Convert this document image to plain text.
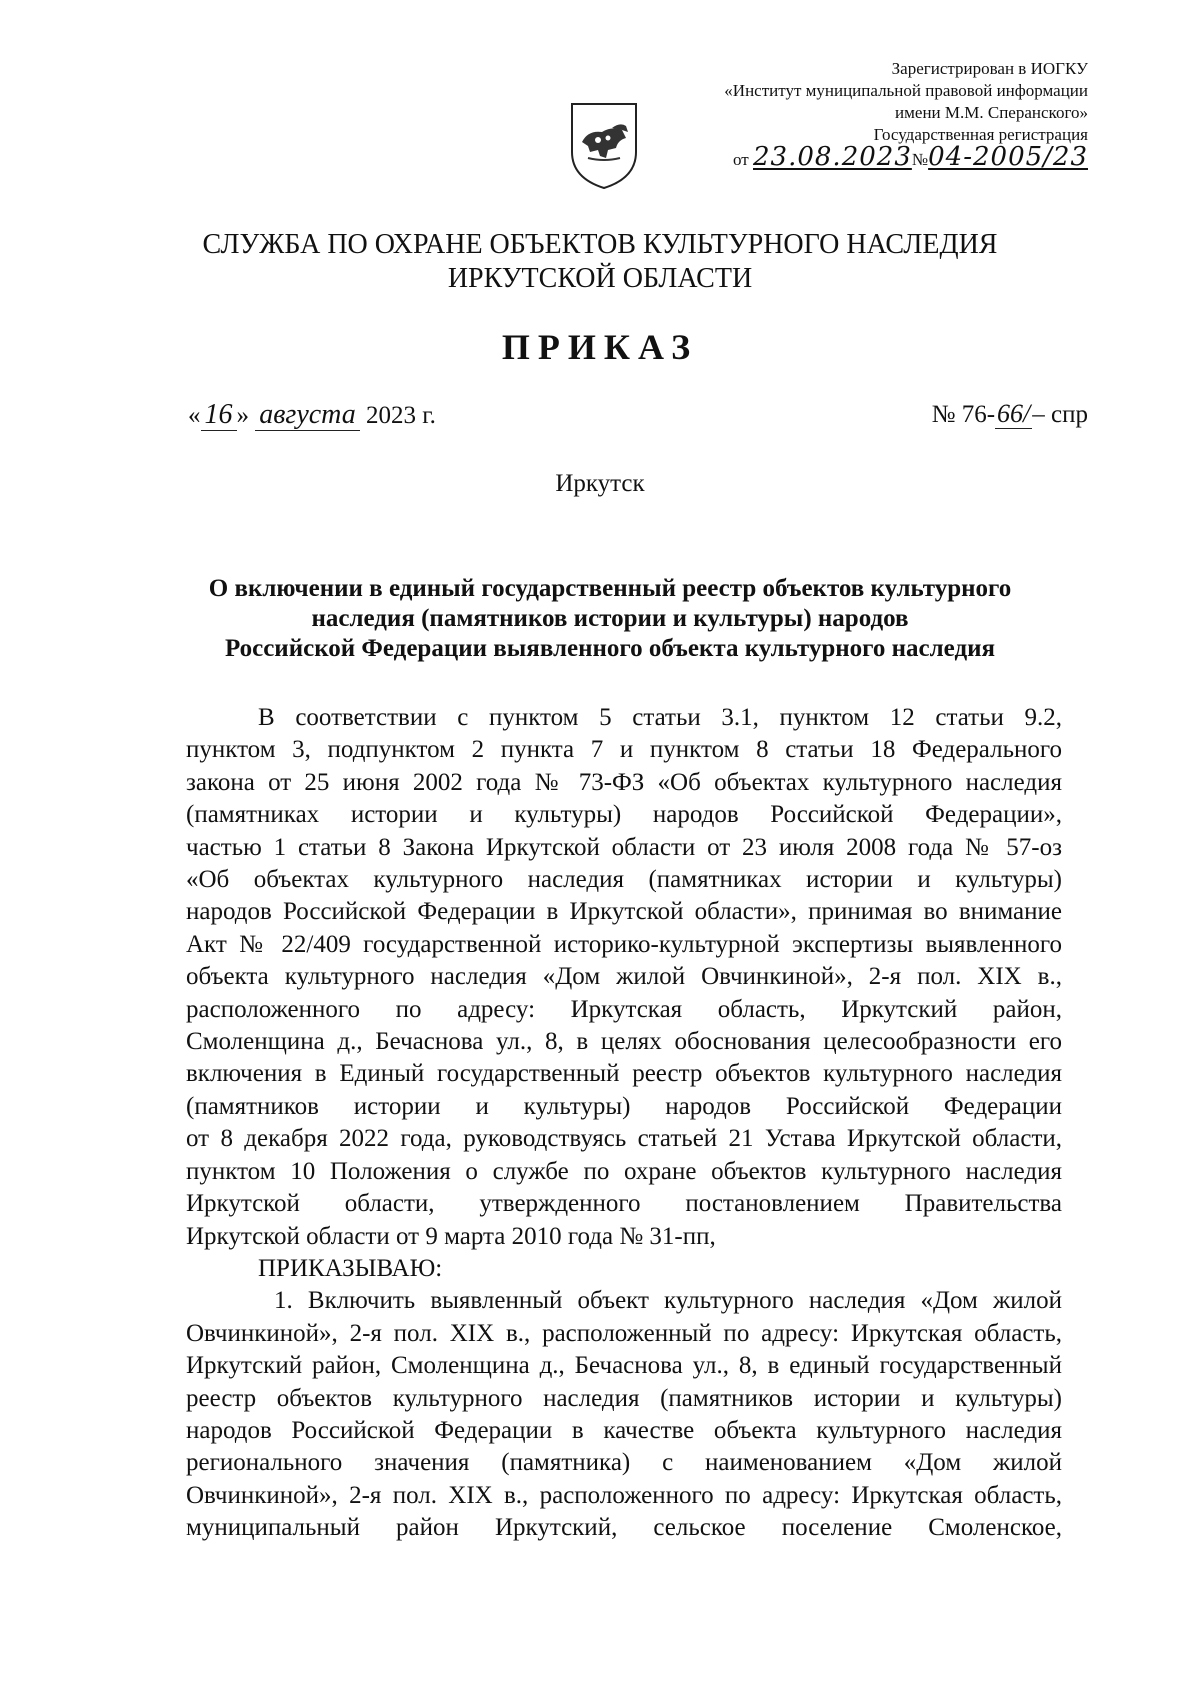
Зарегистрирован в ИОГКУ
«Институт муниципальной правовой информации
имени М.М. Сперанского»
Государственная регистрация
от 23.08.2023№04-2005/23
СЛУЖБА ПО ОХРАНЕ ОБЪЕКТОВ КУЛЬТУРНОГО НАСЛЕДИЯ
ИРКУТСКОЙ ОБЛАСТИ
ПРИКАЗ
« 16 » августа 2023 г.	№ 76-66/– спр
Иркутск
О включении в единый государственный реестр объектов культурного
наследия (памятников истории и культуры) народов
Российской Федерации выявленного объекта культурного наследия
В соответствии с пунктом 5 статьи 3.1, пунктом 12 статьи 9.2,
пунктом 3, подпунктом 2 пункта 7 и пунктом 8 статьи 18 Федерального
закона от 25 июня 2002 года № 73-ФЗ «Об объектах культурного наследия
(памятниках истории и культуры) народов Российской Федерации»,
частью 1 статьи 8 Закона Иркутской области от 23 июля 2008 года № 57-оз
«Об объектах культурного наследия (памятниках истории и культуры)
народов Российской Федерации в Иркутской области», принимая во внимание
Акт № 22/409 государственной историко-культурной экспертизы выявленного
объекта культурного наследия «Дом жилой Овчинкиной», 2-я пол. XIX в.,
расположенного по адресу: Иркутская область, Иркутский район,
Смоленщина д., Бечаснова ул., 8, в целях обоснования целесообразности его
включения в Единый государственный реестр объектов культурного наследия
(памятников истории и культуры) народов Российской Федерации
от 8 декабря 2022 года, руководствуясь статьей 21 Устава Иркутской области,
пунктом 10 Положения о службе по охране объектов культурного наследия
Иркутской области, утвержденного постановлением Правительства
Иркутской области от 9 марта 2010 года № 31-пп,
ПРИКАЗЫВАЮ:
1. Включить выявленный объект культурного наследия «Дом жилой
Овчинкиной», 2-я пол. XIX в., расположенный по адресу: Иркутская область,
Иркутский район, Смоленщина д., Бечаснова ул., 8, в единый государственный
реестр объектов культурного наследия (памятников истории и культуры)
народов Российской Федерации в качестве объекта культурного наследия
регионального значения (памятника) с наименованием «Дом жилой
Овчинкиной», 2-я пол. XIX в., расположенного по адресу: Иркутская область,
муниципальный район Иркутский, сельское поселение Смоленское,
